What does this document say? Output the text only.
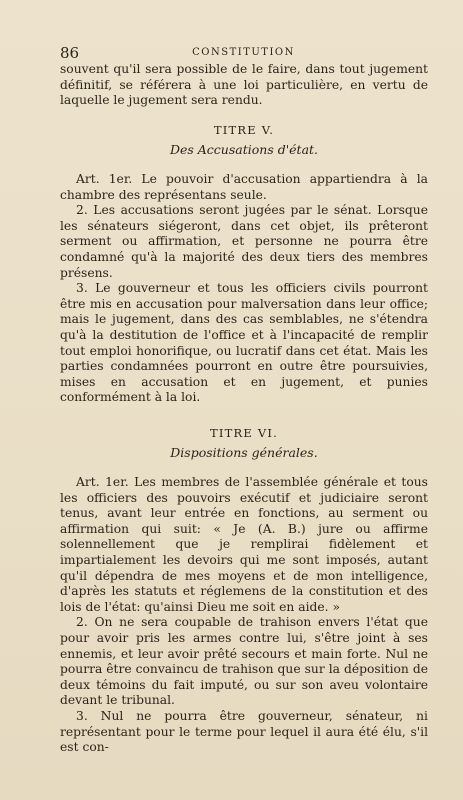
86	CONSTITUTION

souvent qu'il sera possible de le faire, dans tout jugement définitif, se référera à une loi particulière, en vertu de laquelle le jugement sera rendu.

TITRE V.
Des Accusations d'état.

Art. 1er. Le pouvoir d'accusation appartiendra à la chambre des représentans seule.

2. Les accusations seront jugées par le sénat. Lorsque les sénateurs siégeront, dans cet objet, ils prêteront serment ou affirmation, et personne ne pourra être condamné qu'à la majorité des deux tiers des membres présens.

3. Le gouverneur et tous les officiers civils pourront être mis en accusation pour malversation dans leur office; mais le jugement, dans des cas semblables, ne s'étendra qu'à la destitution de l'office et à l'incapacité de remplir tout emploi honorifique, ou lucratif dans cet état. Mais les parties condamnées pourront en outre être poursuivies, mises en accusation et en jugement, et punies conformément à la loi.

TITRE VI.
Dispositions générales.

Art. 1er. Les membres de l'assemblée générale et tous les officiers des pouvoirs exécutif et judiciaire seront tenus, avant leur entrée en fonctions, au serment ou affirmation qui suit: « Je (A. B.) jure ou affirme solennellement que je remplirai fidèlement et impartialement les devoirs qui me sont imposés, autant qu'il dépendra de mes moyens et de mon intelligence, d'après les statuts et réglemens de la constitution et des lois de l'état: qu'ainsi Dieu me soit en aide. »

2. On ne sera coupable de trahison envers l'état que pour avoir pris les armes contre lui, s'être joint à ses ennemis, et leur avoir prêté secours et main forte. Nul ne pourra être convaincu de trahison que sur la déposition de deux témoins du fait imputé, ou sur son aveu volontaire devant le tribunal.

3. Nul ne pourra être gouverneur, sénateur, ni représentant pour le terme pour lequel il aura été élu, s'il est con-
